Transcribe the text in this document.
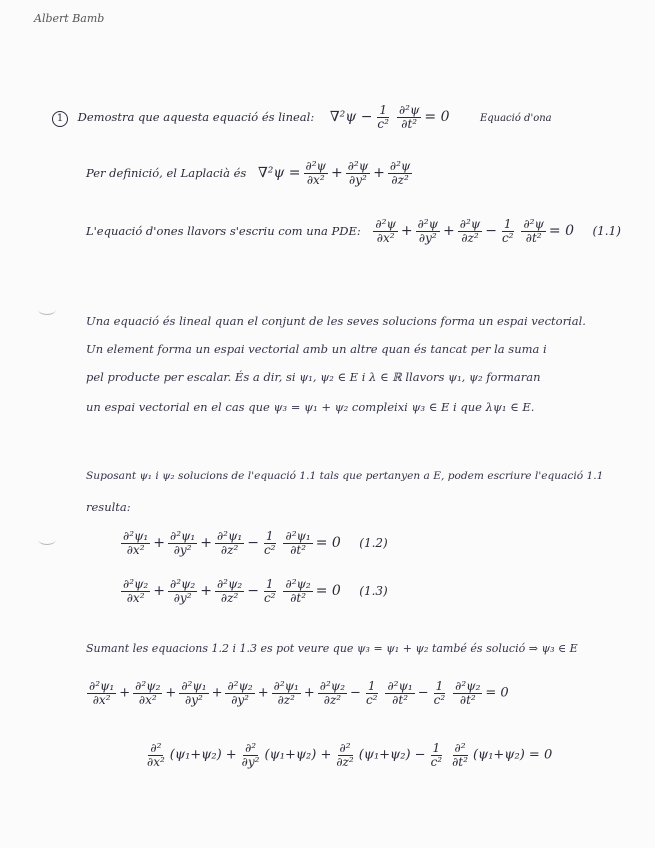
Albert Bamb
1 Demostra que aquesta equació és lineal: $\nabla^2\psi - \frac{1}{\text{c²}} \frac{\text{∂²ψ}}{\text{∂t²}} = 0$	Equació d'ona
Per definició, el Laplacià és $\nabla^2\psi = \frac{\text{∂²ψ}}{\text{∂x²}} + \frac{\text{∂²ψ}}{\text{∂y²}} + \frac{\text{∂²ψ}}{\text{∂z²}}$
L'equació d'ones llavors s'escriu com una PDE: $\frac{\text{∂²ψ}}{\text{∂x²}} + \frac{\text{∂²ψ}}{\text{∂y²}} + \frac{\text{∂²ψ}}{\text{∂z²}} - \frac{1}{\text{c²}} \frac{\text{∂²ψ}}{\text{∂t²}} = 0$ (1.1)
Una equació és lineal quan el conjunt de les seves solucions forma un espai vectorial.
Un element forma un espai vectorial amb un altre quan és tancat per la suma i
pel producte per escalar. És a dir, si ψ₁, ψ₂ ∈ E i λ ∈ ℝ llavors ψ₁, ψ₂ formaran
un espai vectorial en el cas que ψ₃ = ψ₁ + ψ₂ compleixi ψ₃ ∈ E i que λψ₁ ∈ E.
Suposant ψ₁ i ψ₂ solucions de l'equació 1.1 tals que pertanyen a E, podem escriure l'equació 1.1
resulta:
$\frac{\text{∂²ψ₁}}{\text{∂x²}} + \frac{\text{∂²ψ₁}}{\text{∂y²}} + \frac{\text{∂²ψ₁}}{\text{∂z²}} - \frac{1}{\text{c²}} \frac{\text{∂²ψ₁}}{\text{∂t²}} = 0$ (1.2)
$\frac{\text{∂²ψ₂}}{\text{∂x²}} + \frac{\text{∂²ψ₂}}{\text{∂y²}} + \frac{\text{∂²ψ₂}}{\text{∂z²}} - \frac{1}{\text{c²}} \frac{\text{∂²ψ₂}}{\text{∂t²}} = 0$ (1.3)
Sumant les equacions 1.2 i 1.3 es pot veure que ψ₃ = ψ₁ + ψ₂ també és solució ⇒ ψ₃ ∈ E
$\frac{\text{∂²ψ₁}}{\text{∂x²}} + \frac{\text{∂²ψ₂}}{\text{∂x²}} + \frac{\text{∂²ψ₁}}{\text{∂y²}} + \frac{\text{∂²ψ₂}}{\text{∂y²}} + \frac{\text{∂²ψ₁}}{\text{∂z²}} + \frac{\text{∂²ψ₂}}{\text{∂z²}} - \frac{1}{\text{c²}} \frac{\text{∂²ψ₁}}{\text{∂t²}} - \frac{1}{\text{c²}} \frac{\text{∂²ψ₂}}{\text{∂t²}} = 0$
$\frac{\text{∂²}}{\text{∂x²}} (\psi_1+\psi_2) + \frac{\text{∂²}}{\text{∂y²}} (\psi_1+\psi_2) + \frac{\text{∂²}}{\text{∂z²}} (\psi_1+\psi_2) - \frac{1}{\text{c²}} \frac{\text{∂²}}{\text{∂t²}} (\psi_1+\psi_2) = 0$
